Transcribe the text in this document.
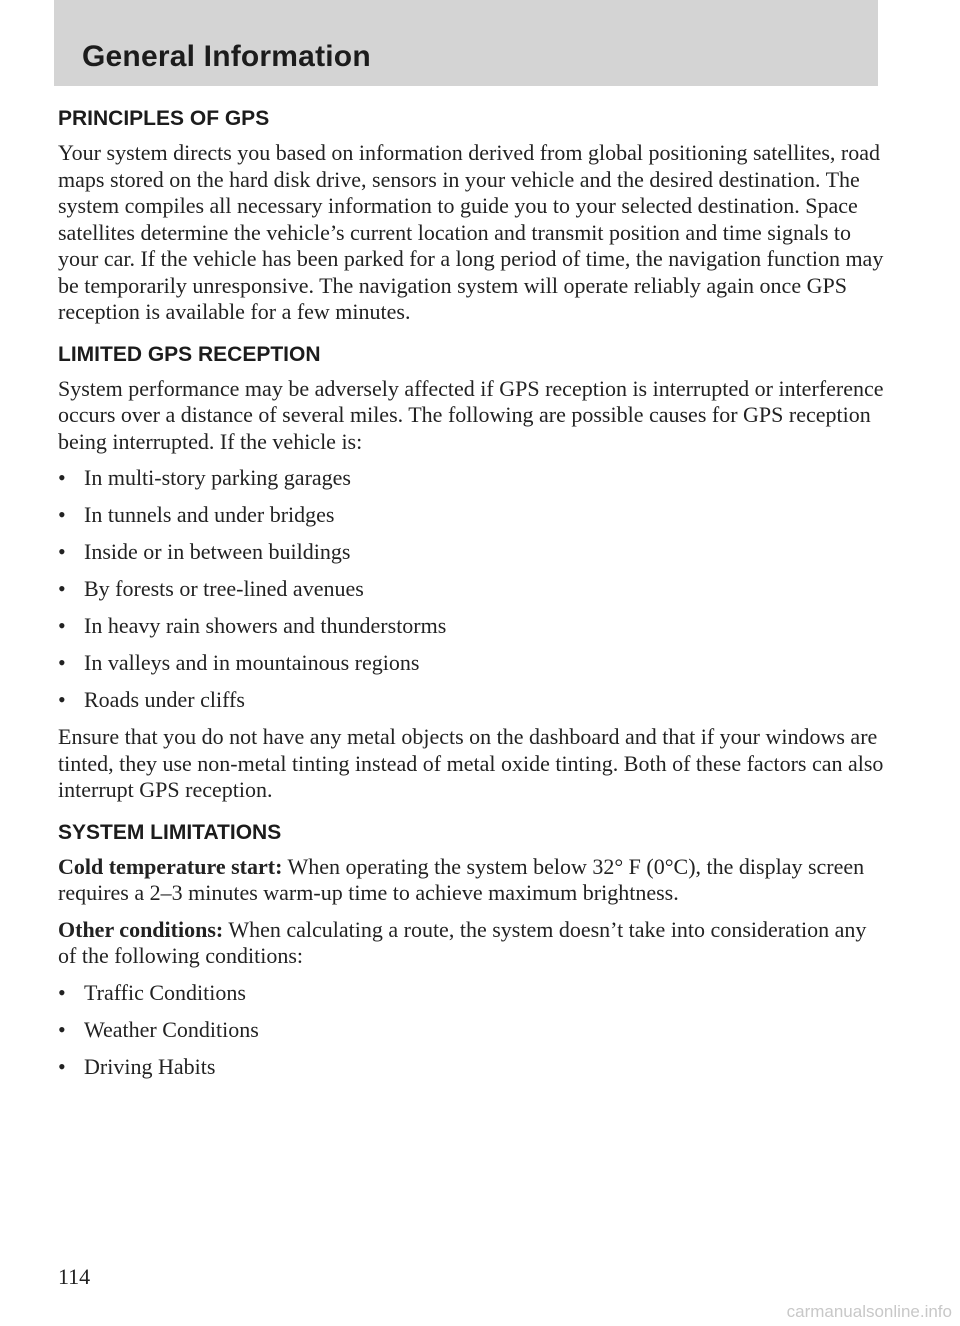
General Information
PRINCIPLES OF GPS

Your system directs you based on information derived from global positioning satellites, road maps stored on the hard disk drive, sensors in your vehicle and the desired destination. The system compiles all necessary information to guide you to your selected destination. Space satellites determine the vehicle’s current location and transmit position and time signals to your car. If the vehicle has been parked for a long period of time, the navigation function may be temporarily unresponsive. The navigation system will operate reliably again once GPS reception is available for a few minutes.

LIMITED GPS RECEPTION

System performance may be adversely affected if GPS reception is interrupted or interference occurs over a distance of several miles. The following are possible causes for GPS reception being interrupted. If the vehicle is:

• In multi-story parking garages
• In tunnels and under bridges
• Inside or in between buildings
• By forests or tree-lined avenues
• In heavy rain showers and thunderstorms
• In valleys and in mountainous regions
• Roads under cliffs

Ensure that you do not have any metal objects on the dashboard and that if your windows are tinted, they use non-metal tinting instead of metal oxide tinting. Both of these factors can also interrupt GPS reception.

SYSTEM LIMITATIONS

Cold temperature start: When operating the system below 32° F (0°C), the display screen requires a 2–3 minutes warm-up time to achieve maximum brightness.

Other conditions: When calculating a route, the system doesn’t take into consideration any of the following conditions:

• Traffic Conditions
• Weather Conditions
• Driving Habits
114
carmanualsonline.info
